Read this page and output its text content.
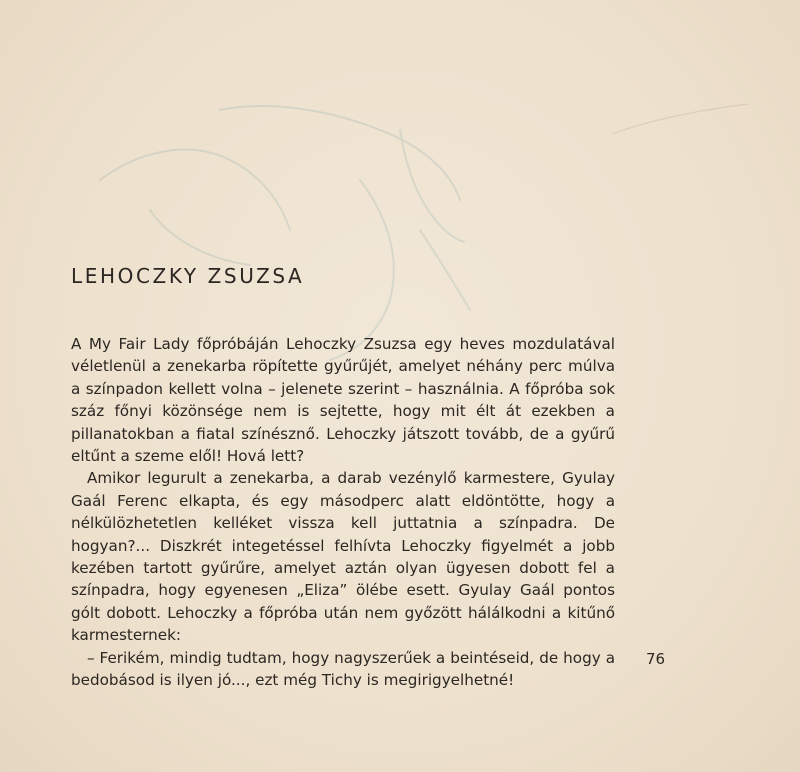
LEHOCZKY ZSUZSA

A My Fair Lady főpróbáján Lehoczky Zsuzsa egy heves mozdulatával véletlenül a zenekarba röpítette gyűrűjét, amelyet néhány perc múlva a színpadon kellett volna – jelenete szerint – használnia. A főpróba sok száz főnyi közönsége nem is sejtette, hogy mit élt át ezekben a pillanatokban a fiatal színésznő. Lehoczky játszott tovább, de a gyűrű eltűnt a szeme elől! Hová lett?

Amikor legurult a zenekarba, a darab vezénylő karmestere, Gyulay Gaál Ferenc elkapta, és egy másodperc alatt eldöntötte, hogy a nélkülözhetetlen kelléket vissza kell juttatnia a színpadra. De hogyan?... Diszkrét integetéssel felhívta Lehoczky figyelmét a jobb kezében tartott gyűrűre, amelyet aztán olyan ügyesen dobott fel a színpadra, hogy egyenesen „Eliza” ölébe esett. Gyulay Gaál pontos gólt dobott. Lehoczky a főpróba után nem győzött hálálkodni a kitűnő karmesternek:

– Ferikém, mindig tudtam, hogy nagyszerűek a beintéseid, de hogy a bedobásod is ilyen jó..., ezt még Tichy is megirigyelhetné!

76
